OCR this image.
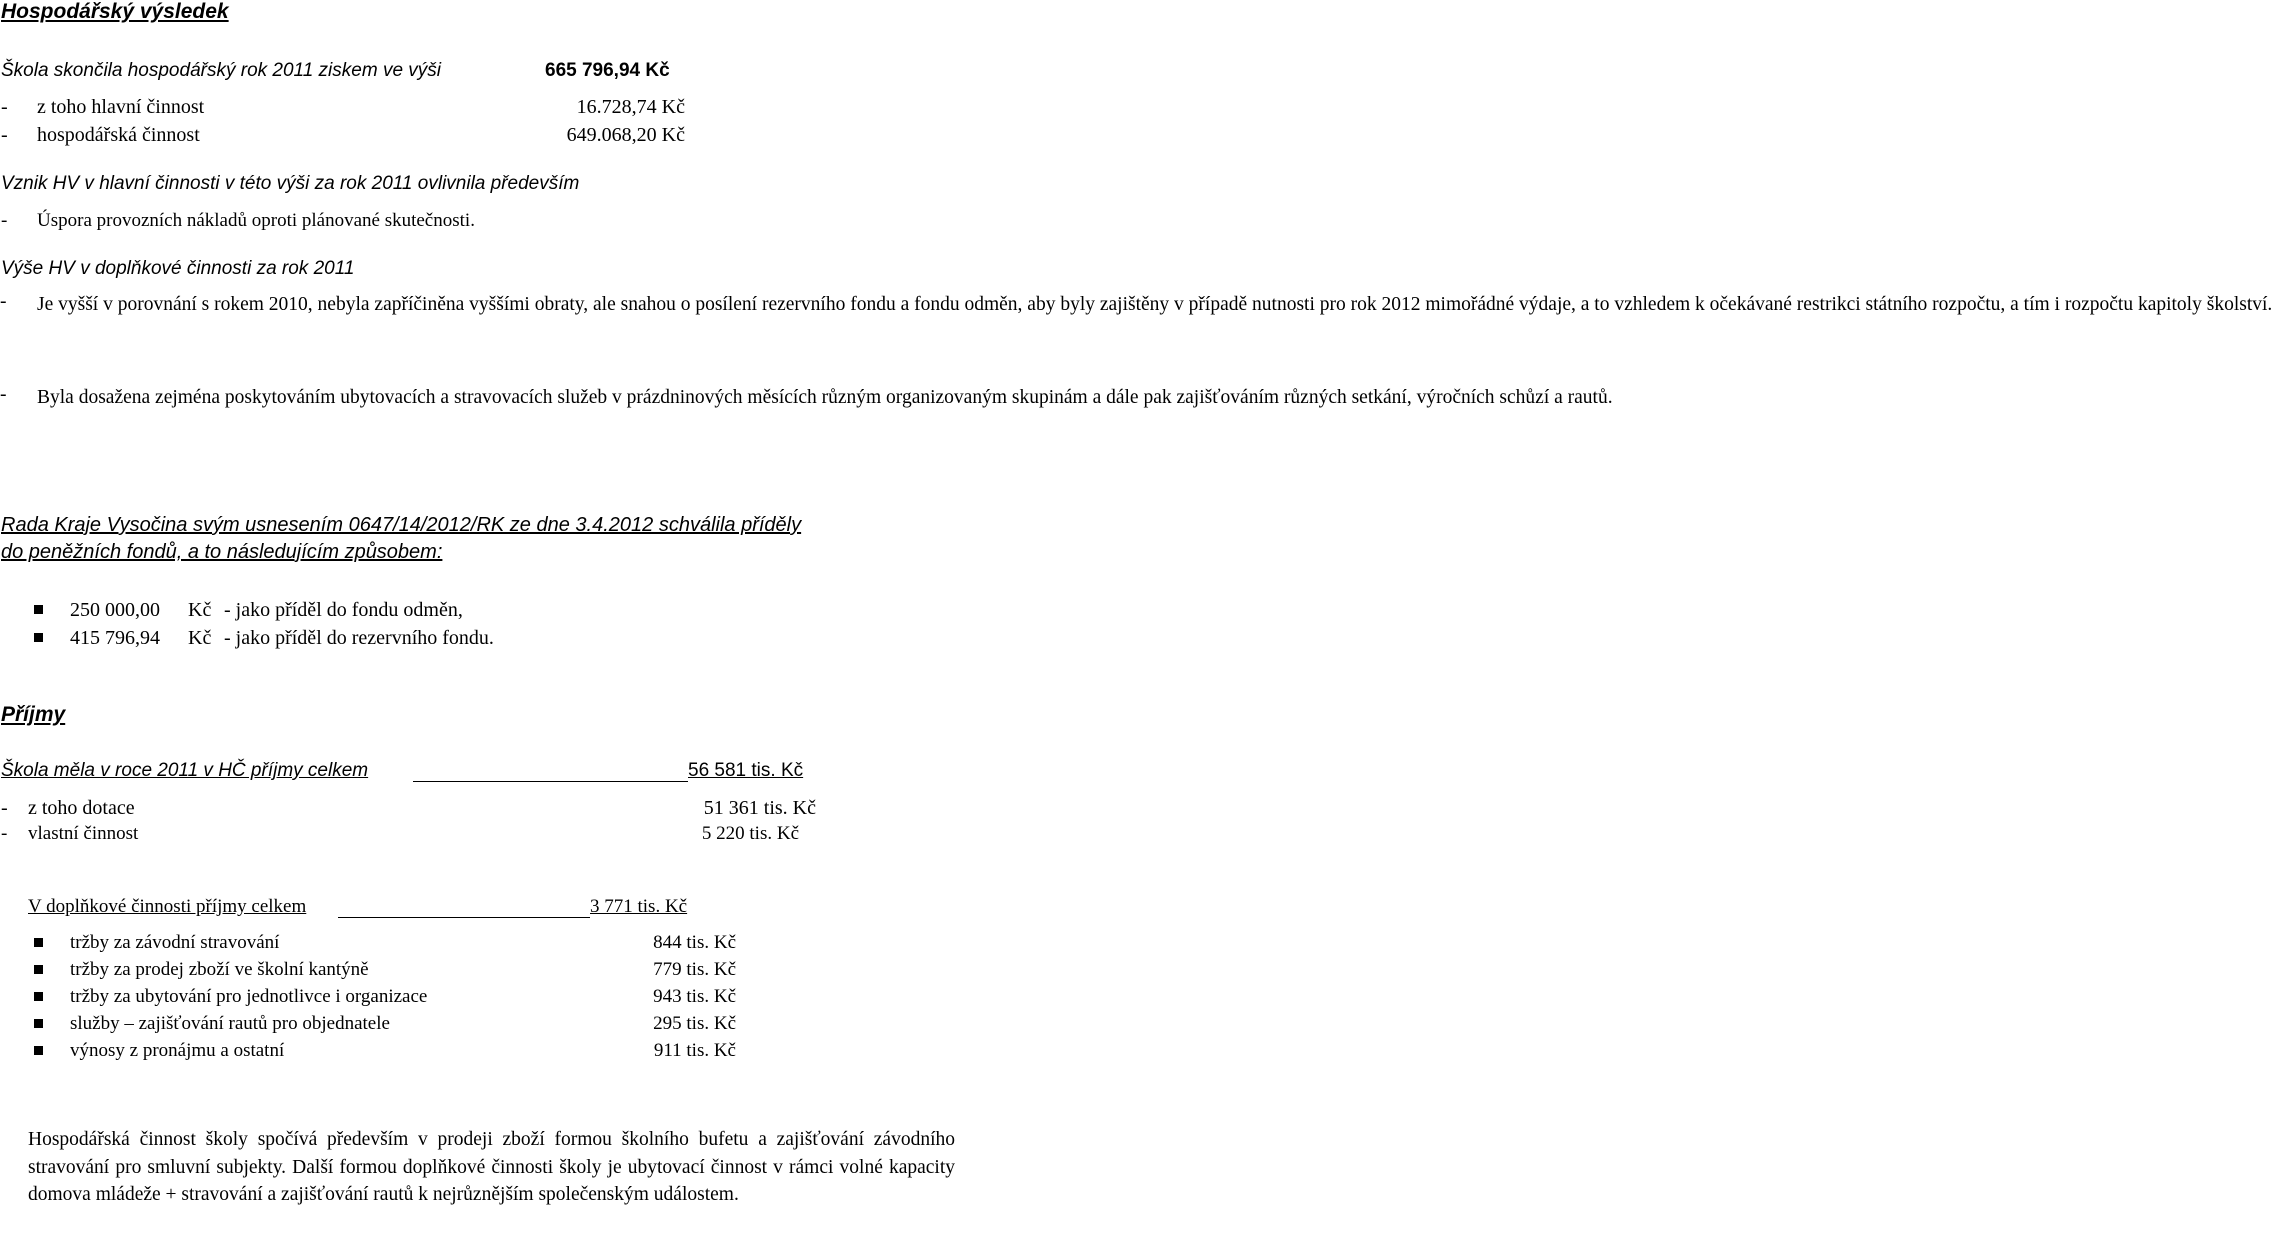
Hospodářský výsledek
Škola skončila hospodářský rok 2011 ziskem ve výši	665 796,94 Kč
- z toho hlavní činnost	16.728,74 Kč
- hospodářská činnost	649.068,20 Kč
Vznik HV v hlavní činnosti v této výši za rok 2011 ovlivnila především
- Úspora provozních nákladů oproti plánované skutečnosti.
Výše HV v doplňkové činnosti za rok 2011
- Je vyšší v porovnání s rokem 2010, nebyla zapříčiněna vyššími obraty, ale snahou o posílení rezervního fondu a fondu odměn, aby byly zajištěny v případě nutnosti pro rok 2012 mimořádné výdaje, a to vzhledem k očekávané restrikci státního rozpočtu, a tím i rozpočtu kapitoly školství.
- Byla dosažena zejména poskytováním ubytovacích a stravovacích služeb v prázdninových měsících různým organizovaným skupinám a dále pak zajišťováním různých setkání, výročních schůzí a rautů.
Rada Kraje Vysočina svým usnesením 0647/14/2012/RK ze dne 3.4.2012 schválila příděly
do peněžních fondů, a to následujícím způsobem:
250 000,00 Kč - jako příděl do fondu odměn,
415 796,94 Kč - jako příděl do rezervního fondu.
Příjmy
Škola měla v roce 2011 v HČ příjmy celkem	56 581 tis. Kč
- z toho dotace	51 361 tis. Kč
- vlastní činnost	5 220 tis. Kč
V doplňkové činnosti příjmy celkem	3 771 tis. Kč
tržby za závodní stravování	844 tis. Kč
tržby za prodej zboží ve školní kantýně	779 tis. Kč
tržby za ubytování pro jednotlivce i organizace	943 tis. Kč
služby – zajišťování rautů pro objednatele	295 tis. Kč
výnosy z pronájmu a ostatní	911 tis. Kč
Hospodářská činnost školy spočívá především v prodeji zboží formou školního bufetu a zajišťování závodního stravování pro smluvní subjekty. Další formou doplňkové činnosti školy je ubytovací činnost v rámci volné kapacity domova mládeže + stravování a zajišťování rautů k nejrůznějším společenským událostem.
